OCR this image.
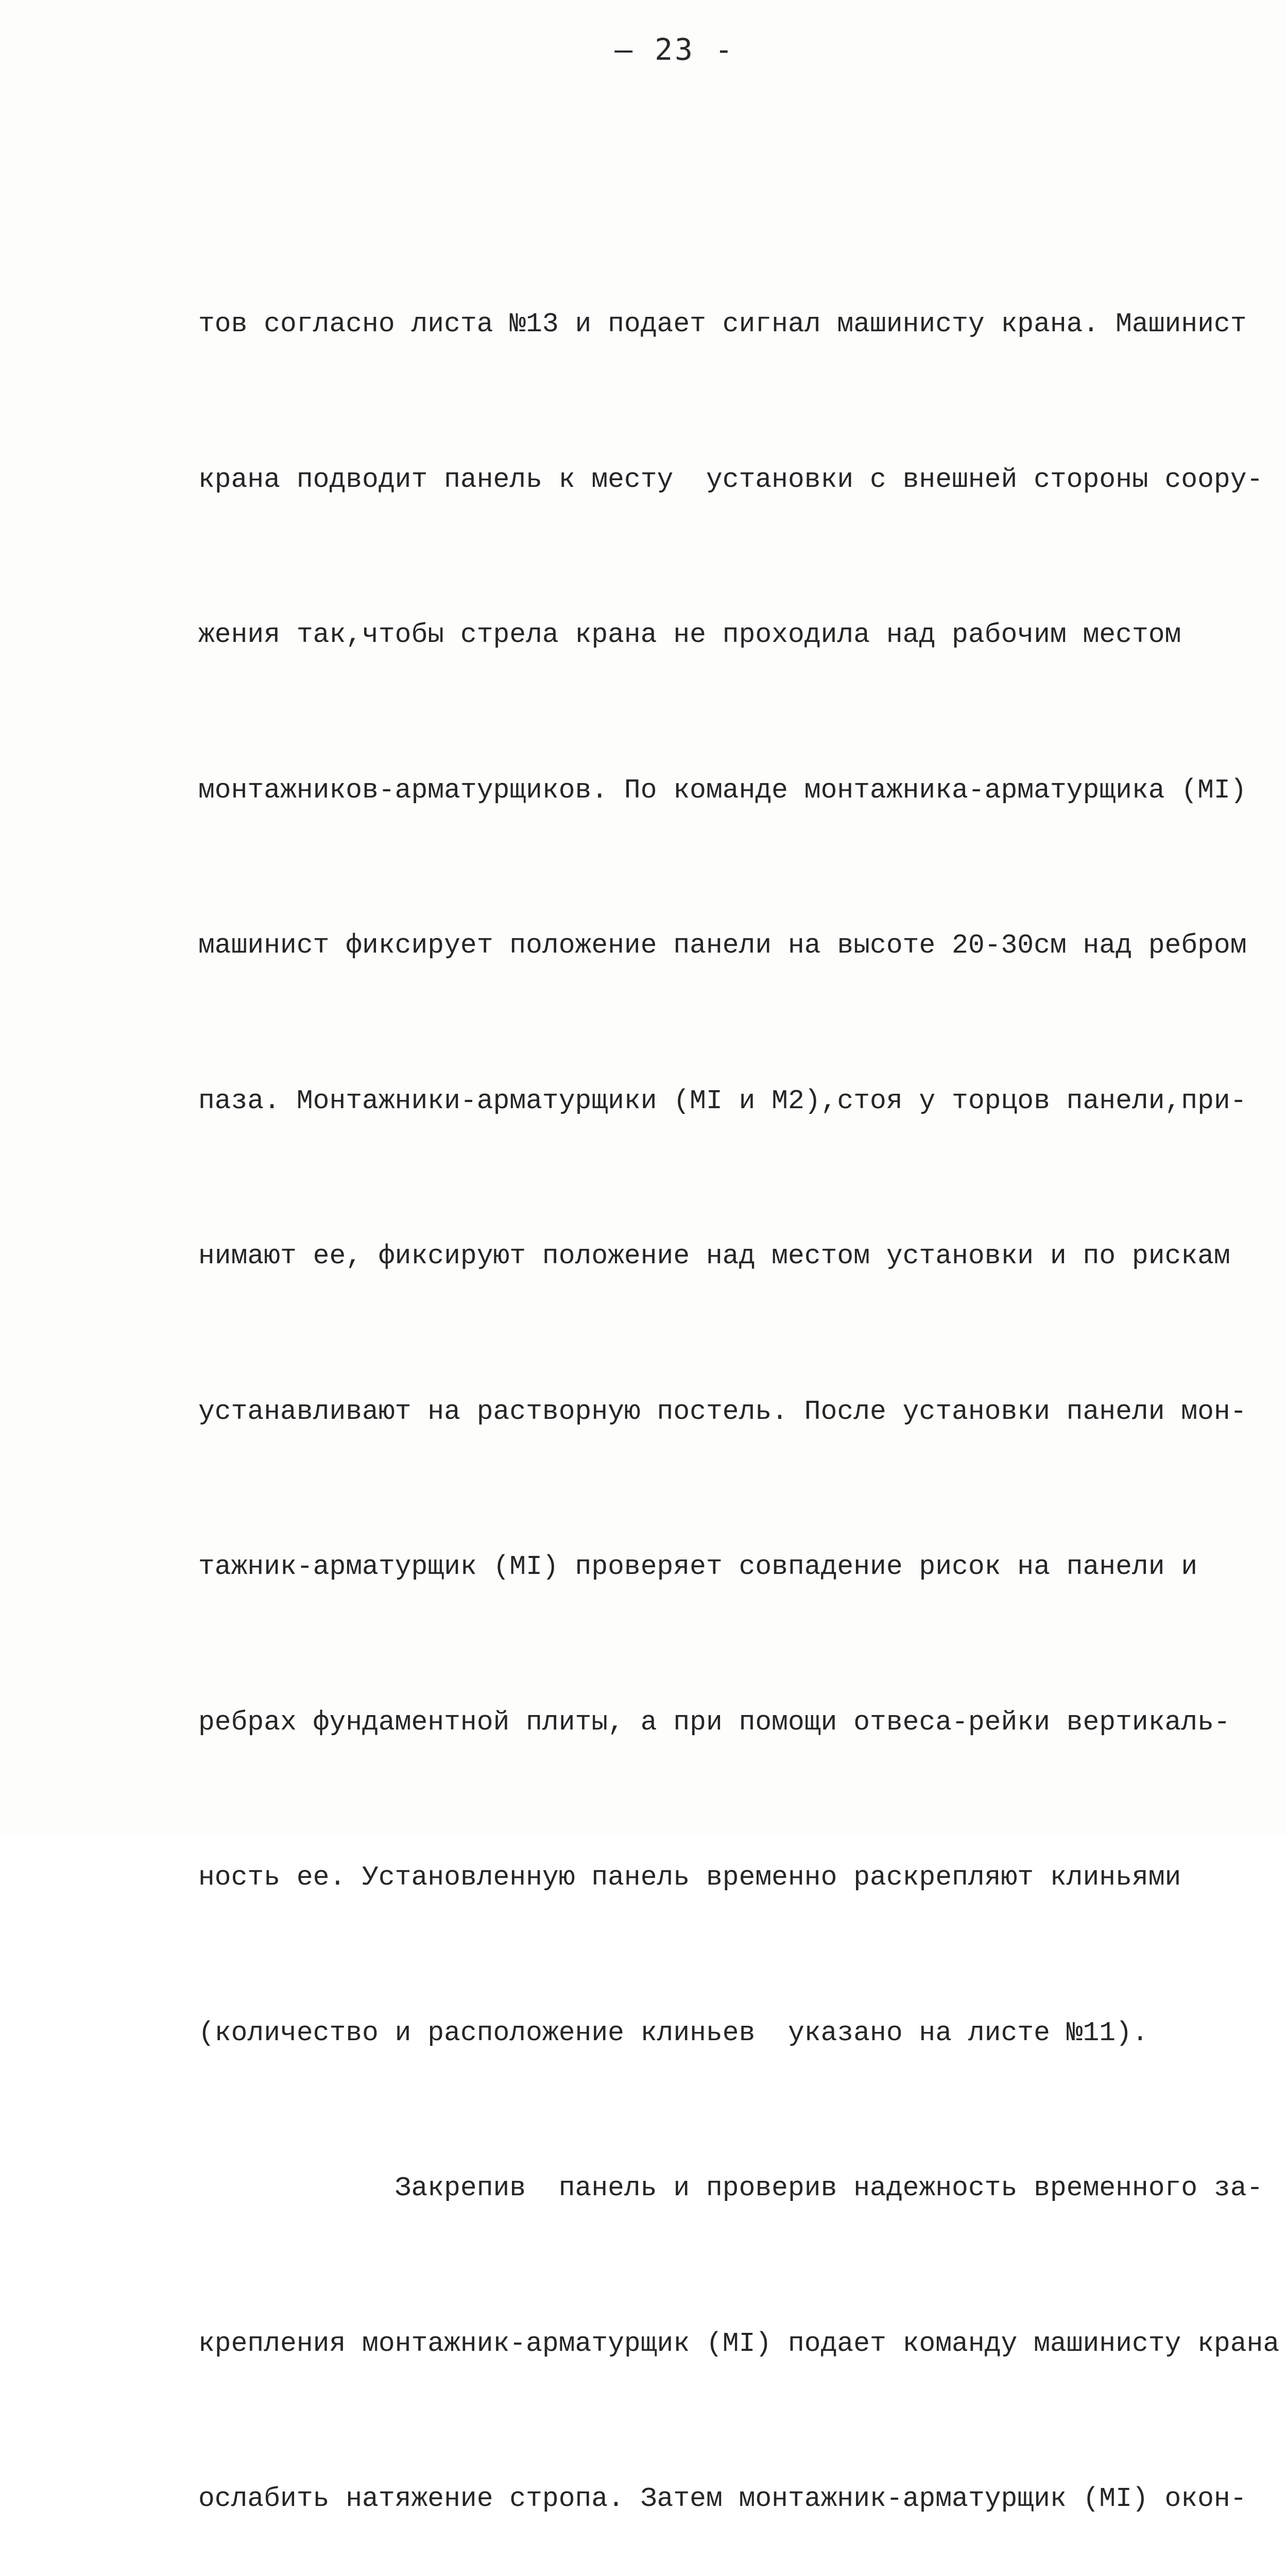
– 23 -

тов согласно листа №13 и подает сигнал машинисту крана. Машинист

крана подводит панель к месту  установки с внешней стороны соору-

жения так,чтобы стрела крана не проходила над рабочим местом

монтажников-арматурщиков. По команде монтажника-арматурщика (МI)

машинист фиксирует положение панели на высоте 20-30см над ребром

паза. Монтажники-арматурщики (МI и М2),стоя у торцов панели,при-

нимают ее, фиксируют положение над местом установки и по рискам

устанавливают на растворную постель. После установки панели мон-

тажник-арматурщик (МI) проверяет совпадение рисок на панели и

ребрах фундаментной плиты, а при помощи отвеса-рейки вертикаль-

ность ее. Установленную панель временно раскрепляют клиньями

(количество и расположение клиньев  указано на листе №11).

Закрепив  панель и проверив надежность временного за-

крепления монтажник-арматурщик (МI) подает команду машинисту крана

ослабить натяжение стропа. Затем монтажник-арматурщик (МI) окон-
